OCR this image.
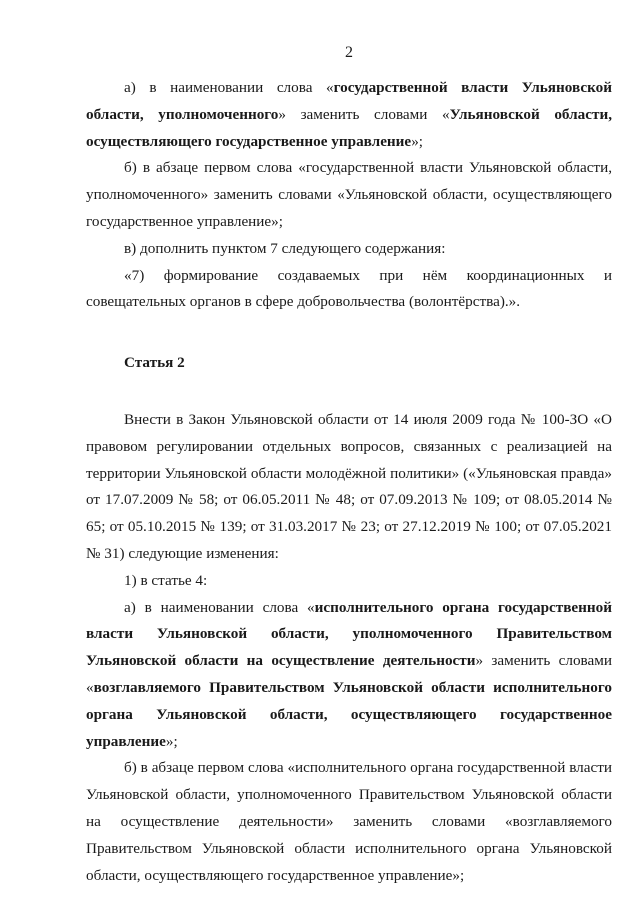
2

а) в наименовании слова «государственной власти Ульяновской области, уполномоченного» заменить словами «Ульяновской области, осуществляющего государственное управление»;

б) в абзаце первом слова «государственной власти Ульяновской области, уполномоченного» заменить словами «Ульяновской области, осуществляющего государственное управление»;

в) дополнить пунктом 7 следующего содержания:

«7) формирование создаваемых при нём координационных и совещательных органов в сфере добровольчества (волонтёрства).».

Статья 2

Внести в Закон Ульяновской области от 14 июля 2009 года № 100-ЗО «О правовом регулировании отдельных вопросов, связанных с реализацией на территории Ульяновской области молодёжной политики» («Ульяновская правда» от 17.07.2009 № 58; от 06.05.2011 № 48; от 07.09.2013 № 109; от 08.05.2014 № 65; от 05.10.2015 № 139; от 31.03.2017 № 23; от 27.12.2019 № 100; от 07.05.2021 № 31) следующие изменения:

1) в статье 4:

а) в наименовании слова «исполнительного органа государственной власти Ульяновской области, уполномоченного Правительством Ульяновской области на осуществление деятельности» заменить словами «возглавляемого Правительством Ульяновской области исполнительного органа Ульяновской области, осуществляющего государственное управление»;

б) в абзаце первом слова «исполнительного органа государственной власти Ульяновской области, уполномоченного Правительством Ульяновской области на осуществление деятельности» заменить словами «возглавляемого Правительством Ульяновской области исполнительного органа Ульяновской области, осуществляющего государственное управление»;
